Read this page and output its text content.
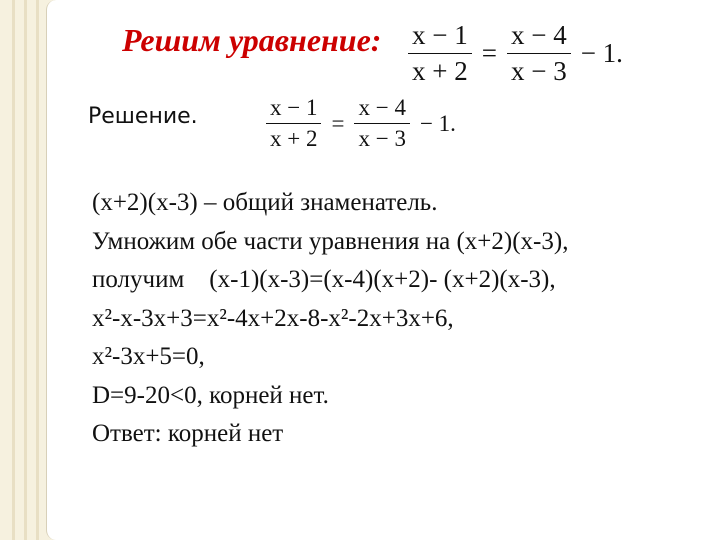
Решим уравнение: $\frac{x - 1}{x + 2} = \frac{x - 4}{x - 3} - 1$.
Решение.	$\frac{x - 1}{x + 2} = \frac{x - 4}{x - 3} - 1$.
(x+2)(x-3) – общий знаменатель.
Умножим обе части уравнения на (x+2)(x-3),
получим    (x-1)(x-3)=(x-4)(x+2)- (x+2)(x-3),
x²-x-3x+3=x²-4x+2x-8-x²-2x+3x+6,
x²-3x+5=0,
D=9-20<0, корней нет.
Ответ: корней нет
